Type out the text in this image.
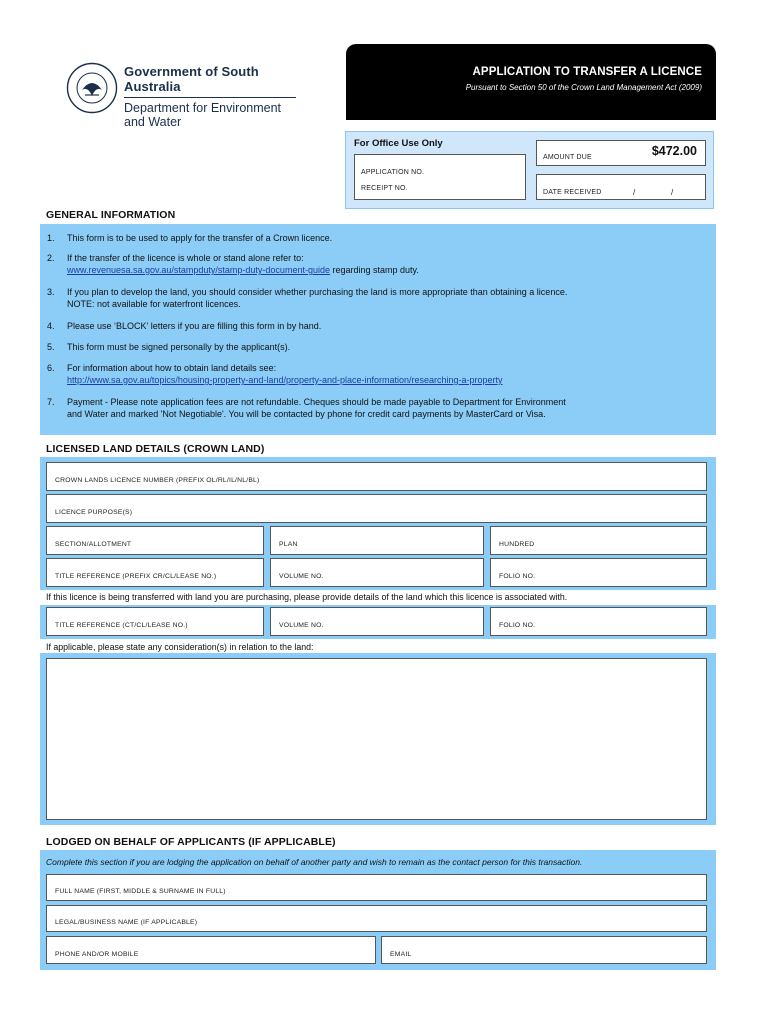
Government of South Australia
Department for Environment
and Water
APPLICATION TO TRANSFER A LICENCE
Pursuant to Section 50 of the Crown Land Management Act (2009)
For Office Use Only
APPLICATION NO.
RECEIPT NO.
AMOUNT DUE	$472.00
DATE RECEIVED	/	/
GENERAL INFORMATION
1.	This form is to be used to apply for the transfer of a Crown licence.
2.	If the transfer of the licence is whole or stand alone refer to:
www.revenuesa.sa.gov.au/stampduty/stamp-duty-document-guide regarding stamp duty.
3.	If you plan to develop the land, you should consider whether purchasing the land is more appropriate than obtaining a licence.
NOTE: not available for waterfront licences.
4.	Please use ‘BLOCK’ letters if you are filling this form in by hand.
5.	This form must be signed personally by the applicant(s).
6.	For information about how to obtain land details see:
http://www.sa.gov.au/topics/housing-property-and-land/property-and-place-information/researching-a-property
7.	Payment - Please note application fees are not refundable. Cheques should be made payable to Department for Environment
and Water and marked 'Not Negotiable'. You will be contacted by phone for credit card payments by MasterCard or Visa.
LICENSED LAND DETAILS (CROWN LAND)
CROWN LANDS LICENCE NUMBER (PREFIX OL/RL/IL/NL/BL)
LICENCE PURPOSE(S)
SECTION/ALLOTMENT	PLAN	HUNDRED
TITLE REFERENCE (PREFIX CR/CL/LEASE NO.)	VOLUME NO.	FOLIO NO.
If this licence is being transferred with land you are purchasing, please provide details of the land which this licence is associated with.
TITLE REFERENCE (CT/CL/LEASE NO.)	VOLUME NO.	FOLIO NO.
If applicable, please state any consideration(s) in relation to the land:
LODGED ON BEHALF OF APPLICANTS (IF APPLICABLE)
Complete this section if you are lodging the application on behalf of another party and wish to remain as the contact person for this transaction.
FULL NAME (FIRST, MIDDLE & SURNAME IN FULL)
LEGAL/BUSINESS NAME (IF APPLICABLE)
PHONE AND/OR MOBILE	EMAIL
